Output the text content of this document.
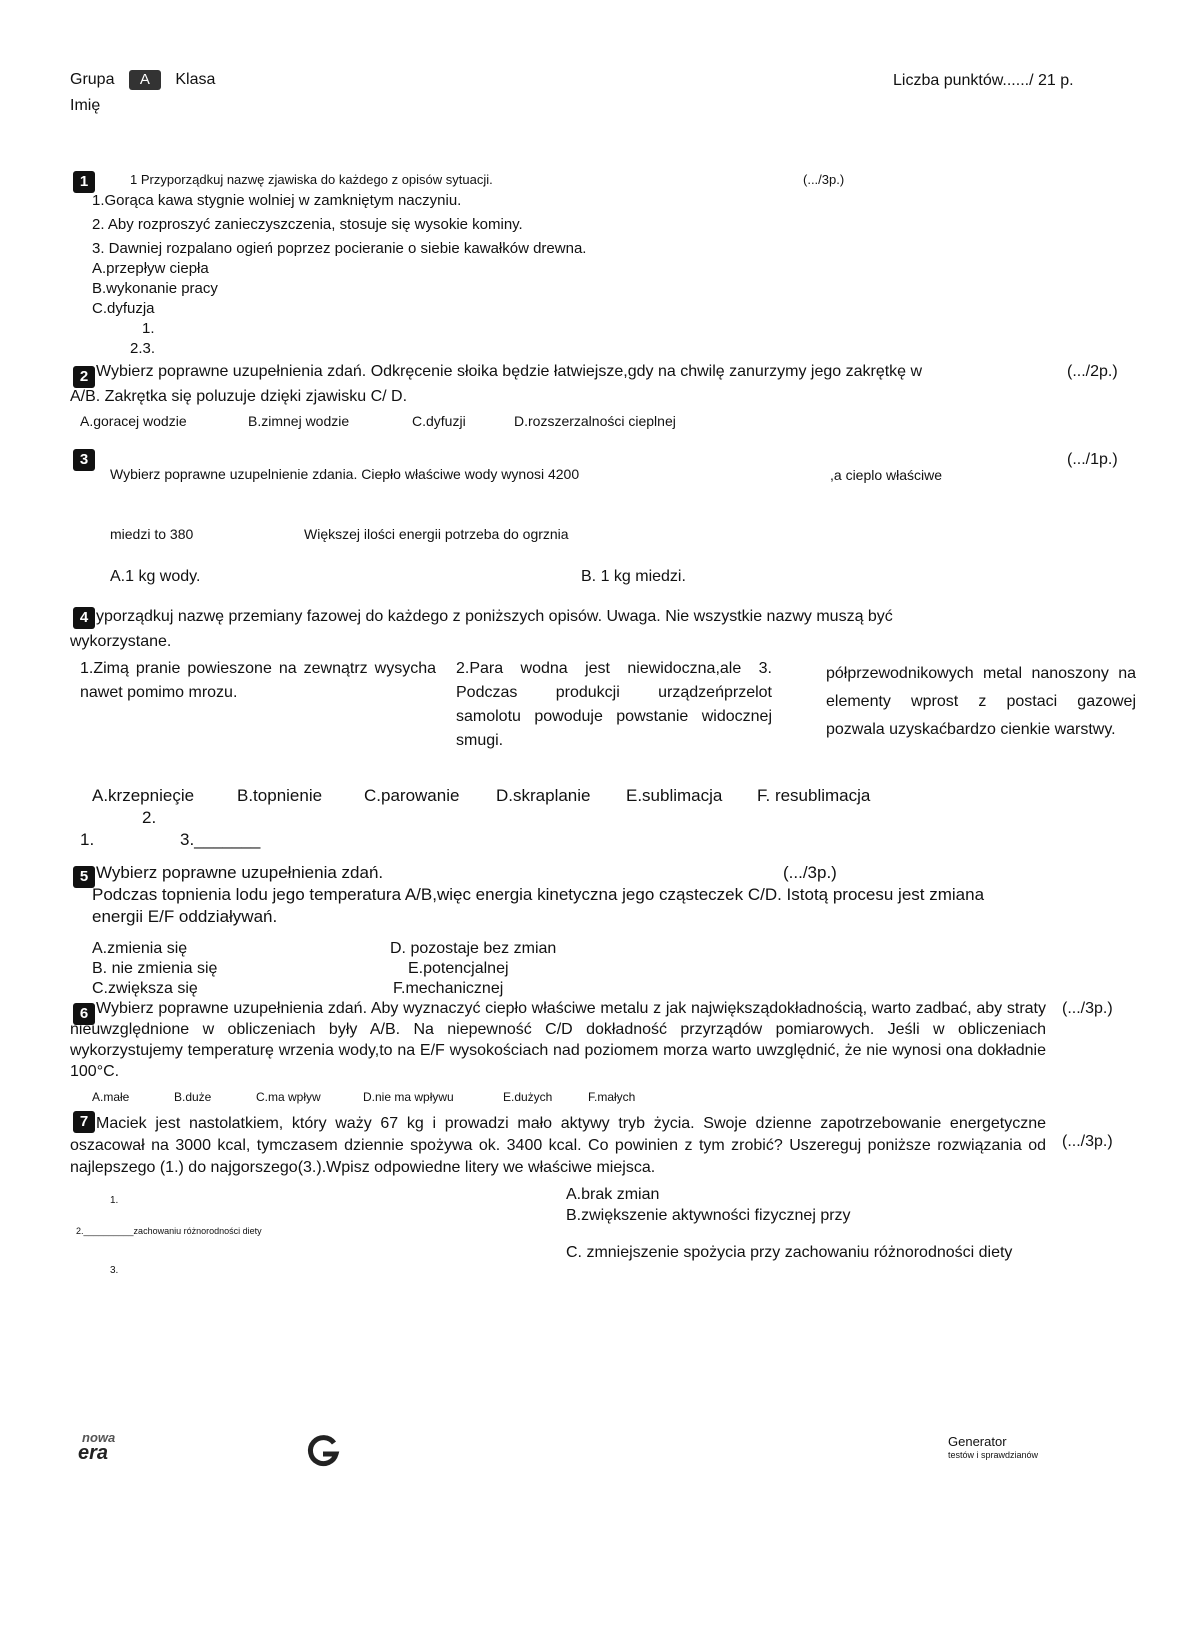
Grupa A Klasa
Imię
Liczba punktów....../ 21 p.
1	1 Przyporządkuj nazwę zjawiska do każdego z opisów sytuacji.	(.../3p.)
1.Gorąca kawa stygnie wolniej w zamkniętym naczyniu.
2. Aby rozproszyć zanieczyszczenia, stosuje się wysokie kominy.
3. Dawniej rozpalano ogień poprzez pocieranie o siebie kawałków drewna.
A.przepływ ciepła
B.wykonanie pracy
C.dyfuzja
1.
2.3.
2 Wybierz poprawne uzupełnienia zdań. Odkręcenie słoika będzie łatwiejsze,gdy na chwilę zanurzymy jego zakrętkę w	(.../2p.)
A/B. Zakrętka się poluzuje dzięki zjawisku C/ D.
A.goracej wodzie	B.zimnej wodzie	C.dyfuzji	D.rozszerzalności cieplnej
3
Wybierz poprawne uzupelnienie zdania. Ciepło właściwe wody wynosi 4200	,a cieplo właściwe
(.../1p.)
miedzi to 380	Większej ilości energii potrzeba do ogrznia
A.1 kg wody.	B. 1 kg miedzi.
4 yporządkuj nazwę przemiany fazowej do każdego z poniższych opisów. Uwaga. Nie wszystkie nazwy muszą być
wykorzystane.
1.Zimą pranie powieszone na zewnątrz wysycha nawet pomimo mrozu.
2.Para wodna jest niewidoczna,ale 3. Podczas produkcji urządzeńprzelot samolotu powoduje powstanie widocznej smugi.
półprzewodnikowych metal nanoszony na elementy wprost z postaci gazowej pozwala uzyskaćbardzo cienkie warstwy.
A.krzepnieçie	B.topnienie C.parowanie D.skraplanie E.sublimacja F. resublimacja
2.
1.	3._______
5 Wybierz poprawne uzupełnienia zdań.	(.../3p.)
Podczas topnienia lodu jego temperatura A/B,więc energia kinetyczna jego cząsteczek C/D. Istotą procesu jest zmiana
energii E/F oddziaływań.
A.zmienia się
B. nie zmienia się
C.zwiększa się
D. pozostaje bez zmian
E.potencjalnej
F.mechanicznej
6 Wybierz poprawne uzupełnienia zdań. Aby wyznaczyć ciepło właściwe metalu z jak największądokładnością, warto zadbać, aby straty nieuwzględnione w obliczeniach były A/B. Na niepewność C/D dokładność przyrządów pomiarowych. Jeśli w obliczeniach wykorzystujemy temperaturę wrzenia wody,to na E/F wysokościach nad poziomem morza warto uwzględnić, że nie wynosi ona dokładnie 100°C.
(.../3p.)
A.małe	B.duże	C.ma wpływ	D.nie ma wpływu	E.dużych	F.małych
7 Maciek jest nastolatkiem, który waży 67 kg i prowadzi mało aktywy tryb życia. Swoje dzienne zapotrzebowanie energetyczne oszacował na 3000 kcal, tymczasem dziennie spożywa ok. 3400 kcal. Co powinien z tym zrobić? Uszereguj poniższe rozwiązania od najlepszego (1.) do najgorszego(3.).Wpisz odpowiedne litery we właściwe miejsca.
(.../3p.)
1.
2.__________zachowaniu różnorodności diety
3.
A.brak zmian
B.zwiększenie aktywności fizycznej przy
C. zmniejszenie spożycia przy zachowaniu różnorodności diety
nowa
era
Generator
testów i sprawdzianów
